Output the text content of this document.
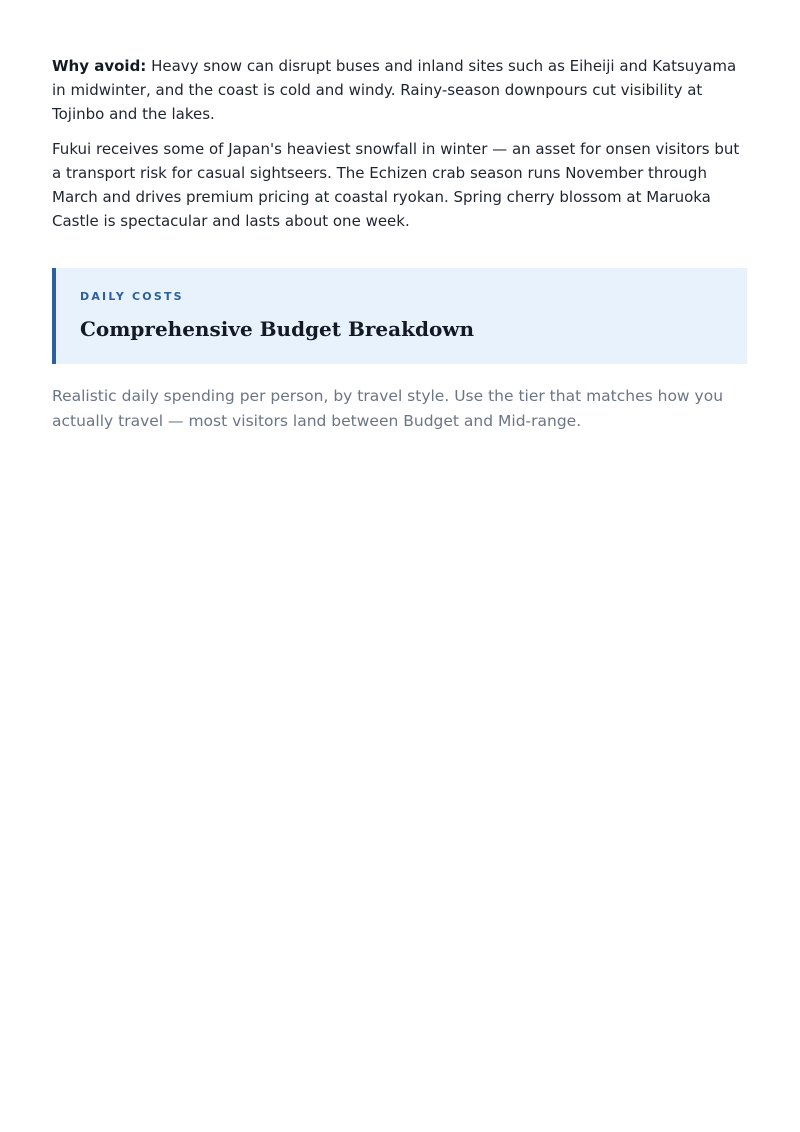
Why avoid: Heavy snow can disrupt buses and inland sites such as Eiheiji and Katsuyama in midwinter, and the coast is cold and windy. Rainy-season downpours cut visibility at Tojinbo and the lakes.

Fukui receives some of Japan's heaviest snowfall in winter — an asset for onsen visitors but a transport risk for casual sightseers. The Echizen crab season runs November through March and drives premium pricing at coastal ryokan. Spring cherry blossom at Maruoka Castle is spectacular and lasts about one week.

DAILY COSTS
Comprehensive Budget Breakdown

Realistic daily spending per person, by travel style. Use the tier that matches how you actually travel — most visitors land between Budget and Mid-range.
